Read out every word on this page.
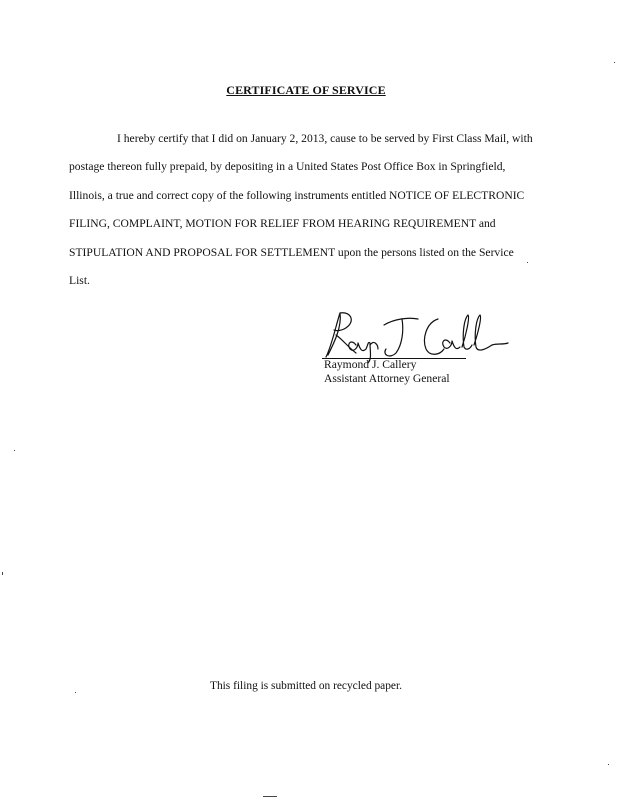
CERTIFICATE OF SERVICE
I hereby certify that I did on January 2, 2013, cause to be served by First Class Mail, with
postage thereon fully prepaid, by depositing in a United States Post Office Box in Springfield,
Illinois, a true and correct copy of the following instruments entitled NOTICE OF ELECTRONIC
FILING, COMPLAINT, MOTION FOR RELIEF FROM HEARING REQUIREMENT and
STIPULATION AND PROPOSAL FOR SETTLEMENT upon the persons listed on the Service
List.
Raymond J. Callery
Assistant Attorney General
This filing is submitted on recycled paper.
